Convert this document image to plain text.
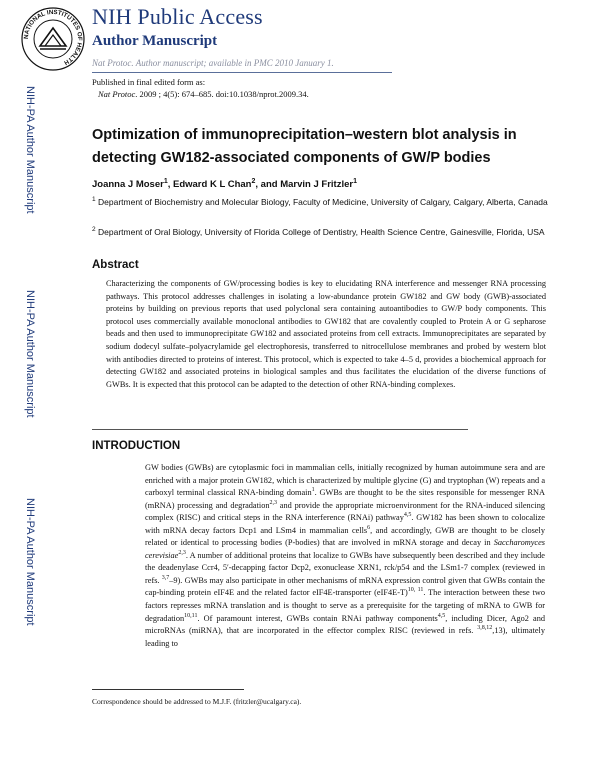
NATIONAL INSTITUTES OF HEALTH
NIH Public Access
Author Manuscript
Nat Protoc. Author manuscript; available in PMC 2010 January 1.
Published in final edited form as:
Nat Protoc. 2009 ; 4(5): 674–685. doi:10.1038/nprot.2009.34.
NIH-PA Author Manuscript
NIH-PA Author Manuscript
NIH-PA Author Manuscript
Optimization of immunoprecipitation–western blot analysis in detecting GW182-associated components of GW/P bodies
Joanna J Moser$^1$, Edward K L Chan$^2$, and Marvin J Fritzler$^1$
$^1$ Department of Biochemistry and Molecular Biology, Faculty of Medicine, University of Calgary, Calgary, Alberta, Canada
$^2$ Department of Oral Biology, University of Florida College of Dentistry, Health Science Centre, Gainesville, Florida, USA
Abstract
Characterizing the components of GW/processing bodies is key to elucidating RNA interference and messenger RNA processing pathways. This protocol addresses challenges in isolating a low-abundance protein GW182 and GW body (GWB)-associated proteins by building on previous reports that used polyclonal sera containing autoantibodies to GW/P body components. This protocol uses commercially available monoclonal antibodies to GW182 that are covalently coupled to Protein A or G sepharose beads and then used to immunoprecipitate GW182 and associated proteins from cell extracts. Immunoprecipitates are separated by sodium dodecyl sulfate–polyacrylamide gel electrophoresis, transferred to nitrocellulose membranes and probed by western blot with antibodies directed to proteins of interest. This protocol, which is expected to take 4–5 d, provides a biochemical approach for detecting GW182 and associated proteins in biological samples and thus facilitates the elucidation of the diverse functions of GWBs. It is expected that this protocol can be adapted to the detection of other RNA-binding complexes.
INTRODUCTION
GW bodies (GWBs) are cytoplasmic foci in mammalian cells, initially recognized by human autoimmune sera and are enriched with a major protein GW182, which is characterized by multiple glycine (G) and tryptophan (W) repeats and a carboxyl terminal classical RNA-binding domain$^1$. GWBs are thought to be the sites responsible for messenger RNA (mRNA) processing and degradation$^{2,3}$ and provide the appropriate microenvironment for the RNA-induced silencing complex (RISC) and critical steps in the RNA interference (RNAi) pathway$^{4,5}$. GW182 has been shown to colocalize with mRNA decay factors Dcp1 and LSm4 in mammalian cells$^6$, and accordingly, GWB are thought to be closely related or identical to processing bodies (P-bodies) that are involved in mRNA storage and decay in Saccharomyces cerevisiae$^{2,3}$. A number of additional proteins that localize to GWBs have subsequently been described and they include the deadenylase Ccr4, 5′-decapping factor Dcp2, exonuclease XRN1, rck/p54 and the LSm1-7 complex (reviewed in refs. $^{3,7}$–9). GWBs may also participate in other mechanisms of mRNA expression control given that GWBs contain the cap-binding protein eIF4E and the related factor eIF4E-transporter $(eIF4E-T)^{10, 11}$. The interaction between these two factors represses mRNA translation and is thought to serve as a prerequisite for the targeting of mRNA to GWB for degradation$^{10,11}$. Of paramount interest, GWBs contain RNAi pathway components$^{4,5}$, including Dicer, Ago2 and microRNAs (miRNA), that are incorporated in the effector complex RISC (reviewed in refs. $^{3,8,12}$,13), ultimately leading to
Correspondence should be addressed to M.J.F. (fritzler@ucalgary.ca).
